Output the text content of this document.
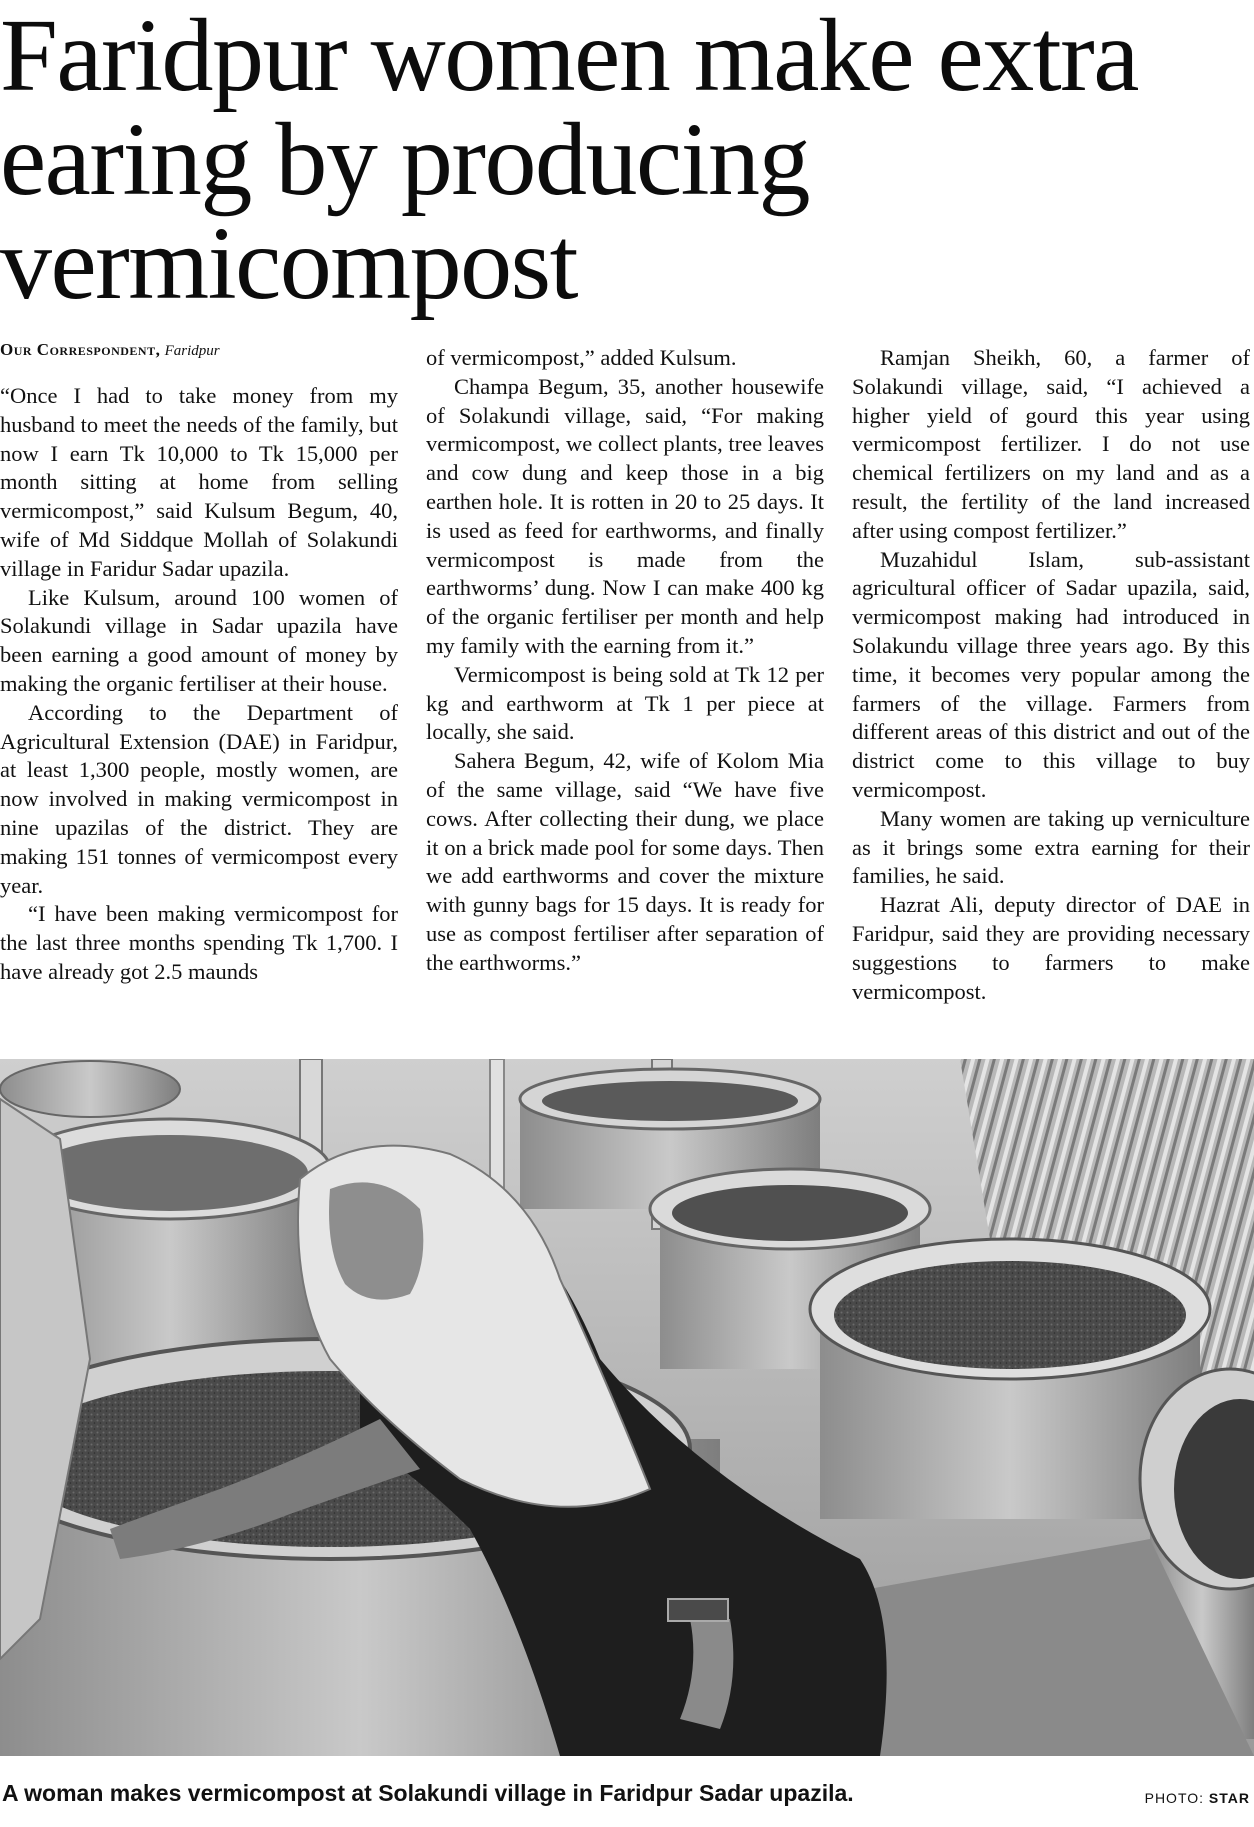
Faridpur women make extra earing by producing vermicompost
Our Correspondent, Faridpur

“Once I had to take money from my husband to meet the needs of the family, but now I earn Tk 10,000 to Tk 15,000 per month sitting at home from selling vermicompost,” said Kulsum Begum, 40, wife of Md Siddque Mollah of Solakundi village in Faridur Sadar upazila.

Like Kulsum, around 100 women of Solakundi village in Sadar upazila have been earning a good amount of money by making the organic fertiliser at their house.

According to the Department of Agricultural Extension (DAE) in Faridpur, at least 1,300 people, mostly women, are now involved in making vermicompost in nine upazilas of the district. They are making 151 tonnes of vermicompost every year.

“I have been making vermicompost for the last three months spending Tk 1,700. I have already got 2.5 maunds

of vermicompost,” added Kulsum.

Champa Begum, 35, another housewife of Solakundi village, said, “For making vermicompost, we collect plants, tree leaves and cow dung and keep those in a big earthen hole. It is rotten in 20 to 25 days. It is used as feed for earthworms, and finally vermicompost is made from the earthworms’ dung. Now I can make 400 kg of the organic fertiliser per month and help my family with the earning from it.”

Vermicompost is being sold at Tk 12 per kg and earthworm at Tk 1 per piece at locally, she said.

Sahera Begum, 42, wife of Kolom Mia of the same village, said “We have five cows. After collecting their dung, we place it on a brick made pool for some days. Then we add earthworms and cover the mixture with gunny bags for 15 days. It is ready for use as compost fertiliser after separation of the earthworms.”

Ramjan Sheikh, 60, a farmer of Solakundi village, said, “I achieved a higher yield of gourd this year using vermicompost fertilizer. I do not use chemical fertilizers on my land and as a result, the fertility of the land increased after using compost fertilizer.”

Muzahidul Islam, sub-assistant agricultural officer of Sadar upazila, said, vermicompost making had introduced in Solakundu village three years ago. By this time, it becomes very popular among the farmers of the village. Farmers from different areas of this district and out of the district come to this village to buy vermicompost.

Many women are taking up verniculture as it brings some extra earning for their families, he said.

Hazrat Ali, deputy director of DAE in Faridpur, said they are providing necessary suggestions to farmers to make vermicompost.

A woman makes vermicompost at Solakundi village in Faridpur Sadar upazila.	PHOTO: STAR
